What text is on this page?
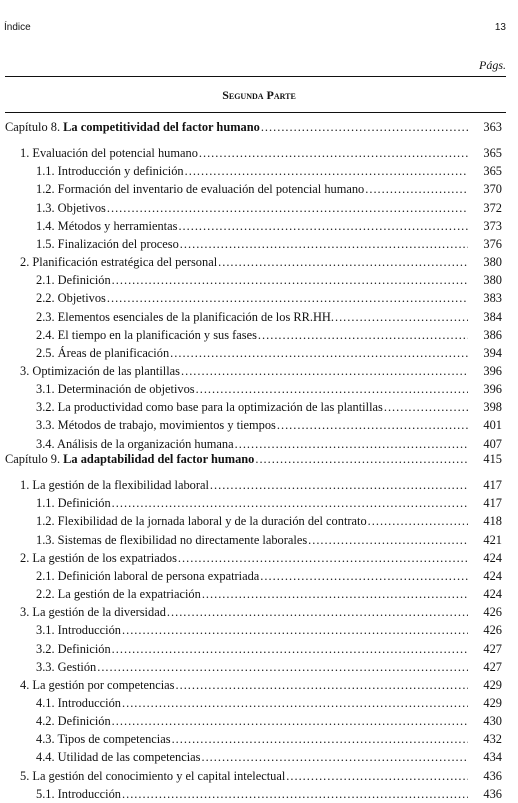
Índice	13
Págs.
Segunda Parte
Capítulo 8. La competitividad del factor humano .....	363
1. Evaluación del potencial humano .....	365
1.1. Introducción y definición .....	365
1.2. Formación del inventario de evaluación del potencial humano .....	370
1.3. Objetivos .....	372
1.4. Métodos y herramientas .....	373
1.5. Finalización del proceso .....	376
2. Planificación estratégica del personal .....	380
2.1. Definición .....	380
2.2. Objetivos .....	383
2.3. Elementos esenciales de la planificación de los RR.HH. .....	384
2.4. El tiempo en la planificación y sus fases .....	386
2.5. Áreas de planificación .....	394
3. Optimización de las plantillas .....	396
3.1. Determinación de objetivos .....	396
3.2. La productividad como base para la optimización de las plantillas .....	398
3.3. Métodos de trabajo, movimientos y tiempos .....	401
3.4. Análisis de la organización humana .....	407
Capítulo 9. La adaptabilidad del factor humano .....	415
1. La gestión de la flexibilidad laboral .....	417
1.1. Definición .....	417
1.2. Flexibilidad de la jornada laboral y de la duración del contrato .....	418
1.3. Sistemas de flexibilidad no directamente laborales .....	421
2. La gestión de los expatriados .....	424
2.1. Definición laboral de persona expatriada .....	424
2.2. La gestión de la expatriación .....	424
3. La gestión de la diversidad .....	426
3.1. Introducción .....	426
3.2. Definición .....	427
3.3. Gestión .....	427
4. La gestión por competencias .....	429
4.1. Introducción .....	429
4.2. Definición .....	430
4.3. Tipos de competencias .....	432
4.4. Utilidad de las competencias .....	434
5. La gestión del conocimiento y el capital intelectual .....	436
5.1. Introducción .....	436
